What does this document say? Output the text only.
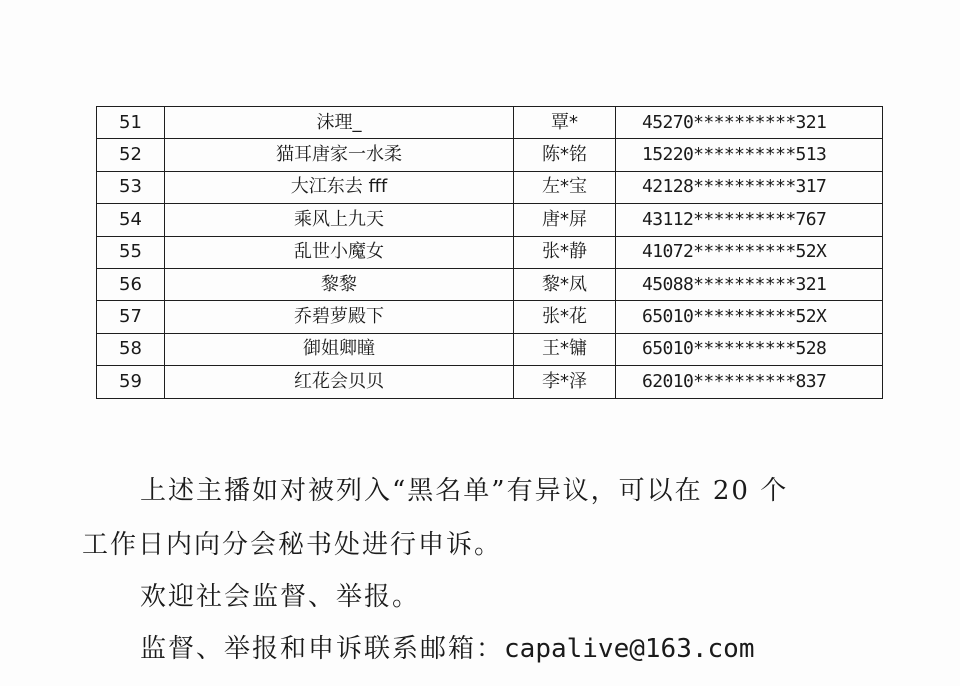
51	沫理_	覃*	45270**********321
52	猫耳唐家一水柔	陈*铭	15220**********513
53	大江东去 fff	左*宝	42128**********317
54	乘风上九天	唐*屏	43112**********767
55	乱世小魔女	张*静	41072**********52X
56	黎黎	黎*凤	45088**********321
57	乔碧萝殿下	张*花	65010**********52X
58	御姐卿瞳	王*镛	65010**********528
59	红花会贝贝	李*泽	62010**********837

上述主播如对被列入“黑名单”有异议，可以在 20 个

工作日内向分会秘书处进行申诉。

欢迎社会监督、举报。

监督、举报和申诉联系邮箱：capalive@163.com
